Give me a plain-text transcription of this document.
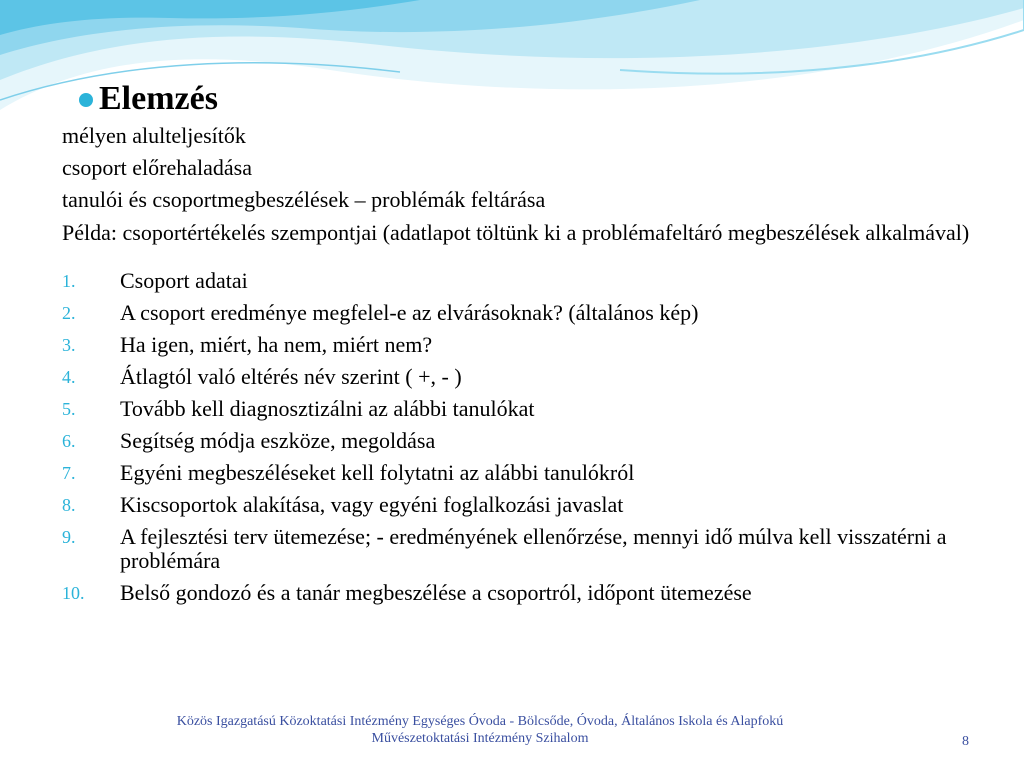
Elemzés
mélyen alulteljesítők
csoport előrehaladása
tanulói és csoportmegbeszélések – problémák feltárása
Példa: csoportértékelés szempontjai (adatlapot töltünk ki a problémafeltáró megbeszélések alkalmával)
1.	Csoport adatai
2.	A csoport eredménye megfelel-e az elvárásoknak? (általános kép)
3.	Ha igen, miért, ha nem, miért nem?
4.	Átlagtól való eltérés név szerint ( +, - )
5.	Tovább kell diagnosztizálni az alábbi tanulókat
6.	Segítség módja eszköze, megoldása
7.	Egyéni megbeszéléseket kell folytatni az alábbi tanulókról
8.	Kiscsoportok alakítása, vagy egyéni foglalkozási javaslat
9.	A fejlesztési terv ütemezése; - eredményének ellenőrzése, mennyi idő múlva kell visszatérni a problémára
10.	Belső gondozó és a tanár megbeszélése a csoportról, időpont ütemezése
Közös Igazgatású Közoktatási Intézmény Egységes Óvoda - Bölcsőde, Óvoda, Általános Iskola és Alapfokú
Művészetoktatási Intézmény Szihalom	8
